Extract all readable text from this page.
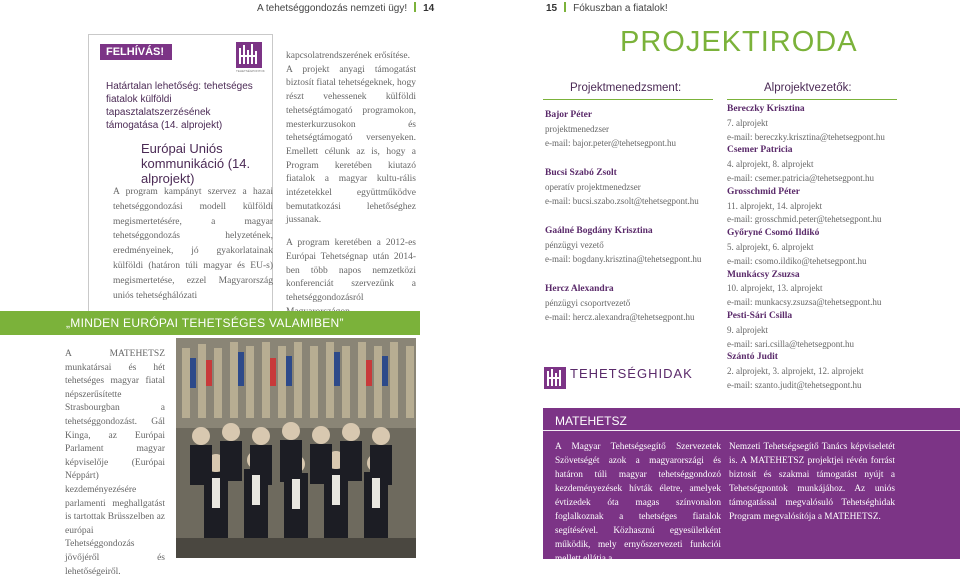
A tehetséggondozás nemzeti ügy! 14	15 Fókuszban a fiatalok!
FELHÍVÁS!
TEHETSÉGPONTOK
Határtalan lehetőség: tehetséges fiatalok külföldi tapasztalatszerzésének támogatása (14. alprojekt)
Európai Uniós kommunikáció (14. alprojekt)
A program kampányt szervez a hazai tehetséggondozási modell külföldi megismertetésére, a magyar tehetséggondozás helyzetének, eredményeinek, jó gyakorlatainak külföldi (határon túli magyar és EU-s) megismertetése, ezzel Magyarország uniós tehetséghálózati
kapcsolatrendszerének erősítése.
A projekt anyagi támogatást biztosít fiatal tehetségeknek, hogy részt vehessenek külföldi tehetségtámogató programokon, mesterkurzusokon és tehetségtámogató versenyeken. Emellett célunk az is, hogy a Program keretében kiutazó fiatalok a magyar kultu-rális intézetekkel együttműködve bemutatkozási lehetőséghez jussanak.
A program keretében a 2012-es Európai Tehetségnap után 2014-ben több napos nemzetközi konferenciát szervezünk a tehetséggondozásról
„MINDEN EURÓPAI TEHETSÉGES VALAMIBEN”
A MATEHETSZ munkatársai és hét tehetséges magyar fiatal népszerűsítette Strasbourgban a tehetséggondozást. Gál Kinga, az Európai Parlament magyar képviselője (Európai Néppárt) kezdeményezésére parlamenti meghallgatást is tartottak Brüsszelben az európai Tehetséggondozás jövőjéről és lehetőségeiről.
PROJEKTIRODA
Projektmenedzsment:	Alprojektvezetők:
Bajor Péter
projektmenedzser
e-mail: bajor.peter@tehetsegpont.hu
Bucsi Szabó Zsolt
operatív projektmenedzser
e-mail: bucsi.szabo.zsolt@tehetsegpont.hu
Gaálné Bogdány Krisztina
pénzügyi vezető
e-mail: bogdany.krisztina@tehetsegpont.hu
Hercz Alexandra
pénzügyi csoportvezető
e-mail: hercz.alexandra@tehetsegpont.hu
Bereczky Krisztina
7. alprojekt
e-mail: bereczky.krisztina@tehetsegpont.hu
Csemer Patricia
4. alprojekt, 8. alprojekt
e-mail: csemer.patricia@tehetsegpont.hu
Grosschmid Péter
11. alprojekt, 14. alprojekt
e-mail: grosschmid.peter@tehetsegpont.hu
Győryné Csomó Ildikó
5. alprojekt, 6. alprojekt
e-mail: csomo.ildiko@tehetsegpont.hu
Munkácsy Zsuzsa
10. alprojekt, 13. alprojekt
e-mail: munkacsy.zsuzsa@tehetsegpont.hu
Pesti-Sári Csilla
9. alprojekt
e-mail: sari.csilla@tehetsegpont.hu
Szántó Judit
2. alprojekt, 3. alprojekt, 12. alprojekt
e-mail: szanto.judit@tehetsegpont.hu
TEHETSÉGHIDAK
MATEHETSZ
A Magyar Tehetségsegítő Szervezetek Szövetségét azok a magyarországi és határon túli magyar tehetséggondozó kezdeményezések hívták életre, amelyek évtizedek óta magas színvonalon foglalkoznak a tehetséges fiatalok segítésével. Közhasznú egyesületként működik, mely ernyőszervezeti funkciói mellett ellátja a
Nemzeti Tehetségsegítő Tanács képviseletét is. A MATEHETSZ projektjei révén forrást biztosít és szakmai támogatást nyújt a Tehetségpontok munkájához. Az uniós támogatással megvalósuló Tehetséghidak Program megvalósítója a MATEHETSZ.
